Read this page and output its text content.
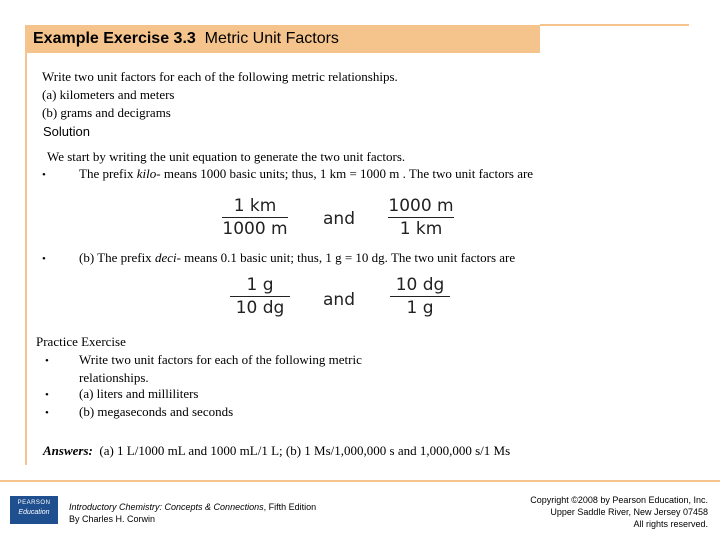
Example Exercise 3.3 Metric Unit Factors
Write two unit factors for each of the following metric relationships.
(a) kilometers and meters
(b) grams and decigrams
Solution
We start by writing the unit equation to generate the two unit factors.
•	The prefix kilo- means 1000 basic units; thus, 1 km = 1000 m . The two unit factors are
1 km
1000 m and
1000 m
1 km
•	(b) The prefix deci- means 0.1 basic unit; thus, 1 g = 10 dg. The two unit factors are
1 g
10 dg	and
10 dg
1 g
Practice Exercise
• Write two unit factors for each of the following metric
relationships.
• (a) liters and milliliters
• (b) megaseconds and seconds
Answers: (a) 1 L/1000 mL and 1000 mL/1 L; (b) 1 Ms/1,000,000 s and 1,000,000 s/1 Ms
PEARSON
Education
Introductory Chemistry: Concepts & Connections, Fifth Edition
By Charles H. Corwin
Copyright ©2008 by Pearson Education, Inc.
Upper Saddle River, New Jersey 07458
All rights reserved.
